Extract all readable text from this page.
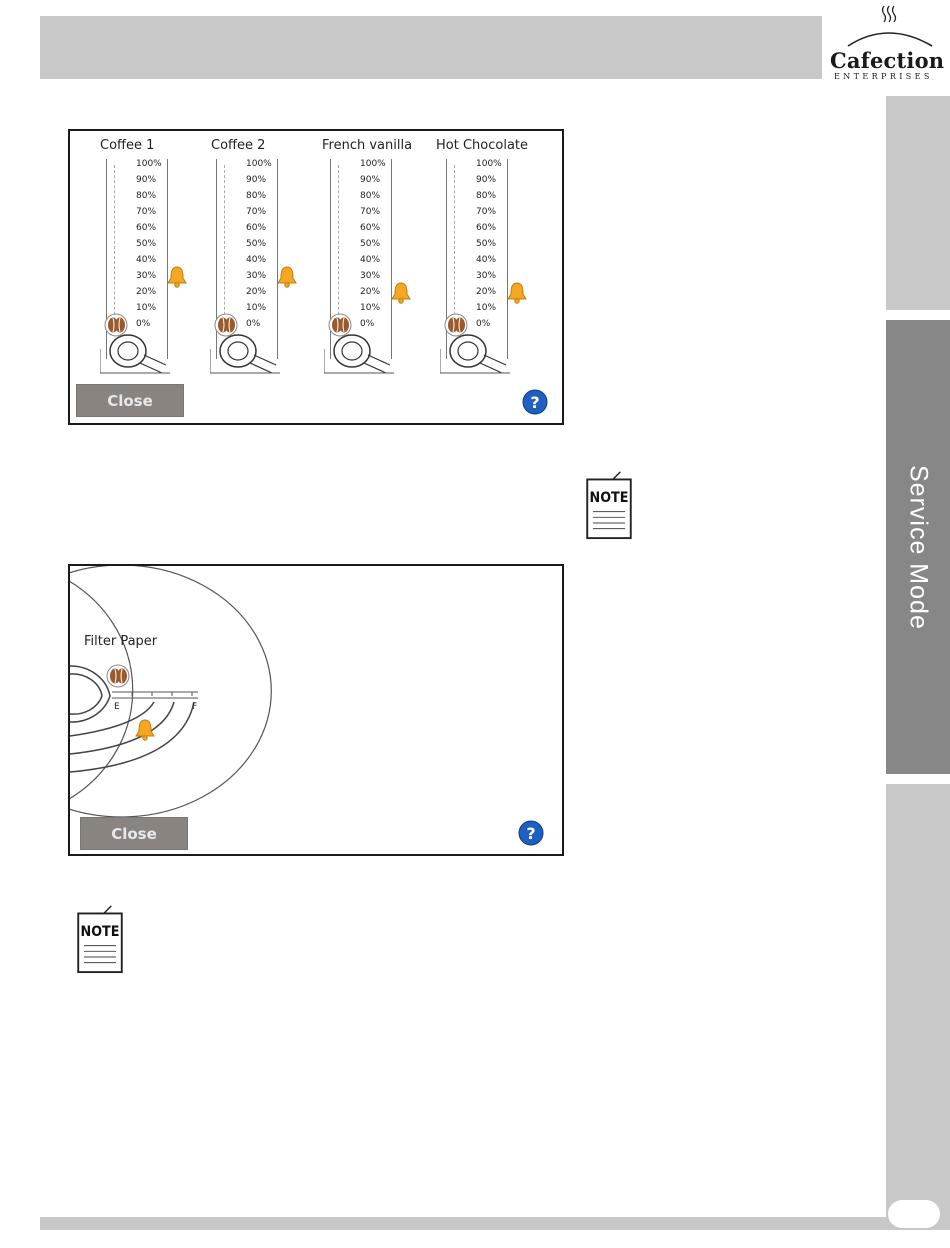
Cafection
ENTERPRISES
Service Mode
Coffee 1
100%
90%
80%
70%
60%
50%
40%
30%
20%
10%
0%
Coffee 2
100%
90%
80%
70%
60%
50%
40%
30%
20%
10%
0%
French vanilla
100%
90%
80%
70%
60%
50%
40%
30%
20%
10%
0%
Hot Chocolate
100%
90%
80%
70%
60%
50%
40%
30%
20%
10%
0%
Close	?
NOTE
Filter Paper
E	F
Close	?
NOTE
